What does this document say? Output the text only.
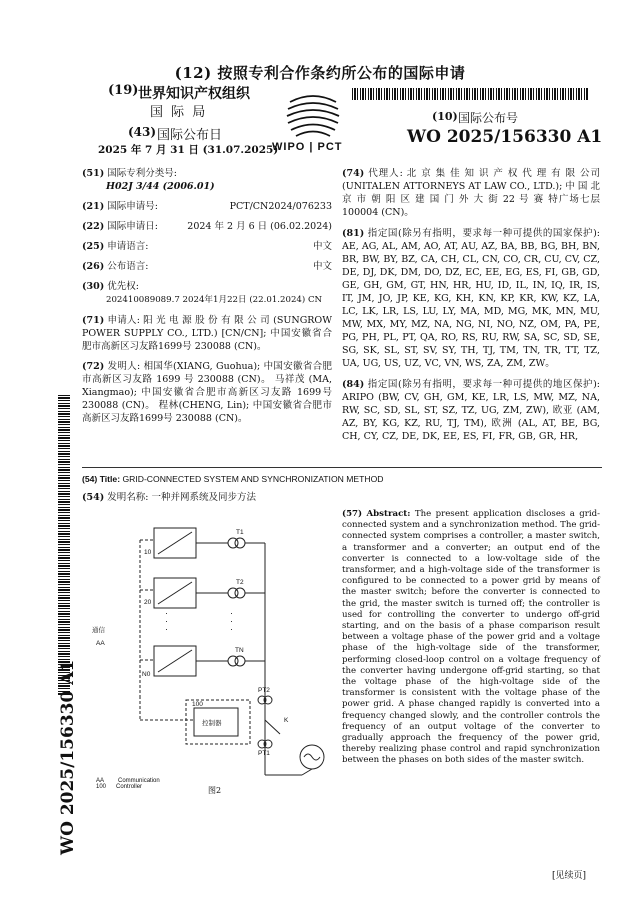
(12) 按照专利合作条约所公布的国际申请
(19) 世界知识产权组织
国 际 局
(43) 国际公布日
2025 年 7 月 31 日 (31.07.2025)
WIPO | PCT
(10) 国际公布号
WO 2025/156330 A1
WO 2025/156330 A1
(51) 国际专利分类号:
H02J 3/44 (2006.01)
(21) 国际申请号:	PCT/CN2024/076233
(22) 国际申请日:	2024 年 2 月 6 日 (06.02.2024)
(25) 申请语言:	中文
(26) 公布语言:	中文
(30) 优先权:
202410089089.7 2024年1月22日 (22.01.2024) CN
(71) 申请人: 阳 光 电 源 股 份 有 限 公 司 (SUNGROW POWER SUPPLY CO., LTD.) [CN/CN]; 中国安徽省合肥市高新区习友路1699号 230088 (CN)。
(72) 发明人: 相国华(XIANG, Guohua); 中国安徽省合肥市高新区习友路 1699 号 230088 (CN)。 马祥茂 (MA, Xiangmao); 中国安徽省合肥市高新区习友路 1699号 230088 (CN)。 程林(CHENG, Lin); 中国安徽省合肥市高新区习友路1699号 230088 (CN)。
(74) 代理人: 北 京 集 佳 知 识 产 权 代 理 有 限 公司(UNITALEN ATTORNEYS AT LAW CO., LTD.); 中 国 北 京 市 朝 阳 区 建 国 门 外 大 街 22 号 赛 特广场七层 100004 (CN)。
(81) 指定国(除另有指明，要求每一种可提供的国家保护): AE, AG, AL, AM, AO, AT, AU, AZ, BA, BB, BG, BH, BN, BR, BW, BY, BZ, CA, CH, CL, CN, CO, CR, CU, CV, CZ, DE, DJ, DK, DM, DO, DZ, EC, EE, EG, ES, FI, GB, GD, GE, GH, GM, GT, HN, HR, HU, ID, IL, IN, IQ, IR, IS, IT, JM, JO, JP, KE, KG, KH, KN, KP, KR, KW, KZ, LA, LC, LK, LR, LS, LU, LY, MA, MD, MG, MK, MN, MU, MW, MX, MY, MZ, NA, NG, NI, NO, NZ, OM, PA, PE, PG, PH, PL, PT, QA, RO, RS, RU, RW, SA, SC, SD, SE, SG, SK, SL, ST, SV, SY, TH, TJ, TM, TN, TR, TT, TZ, UA, UG, US, UZ, VC, VN, WS, ZA, ZM, ZW。
(84) 指定国(除另有指明，要求每一种可提供的地区保护): ARIPO (BW, CV, GH, GM, KE, LR, LS, MW, MZ, NA, RW, SC, SD, SL, ST, SZ, TZ, UG, ZM, ZW), 欧亚 (AM, AZ, BY, KG, KZ, RU, TJ, TM), 欧洲 (AL, AT, BE, BG, CH, CY, CZ, DE, DK, EE, ES, FI, FR, GB, GR, HR,
(54) Title: GRID-CONNECTED SYSTEM AND SYNCHRONIZATION METHOD
(54) 发明名称: 一种并网系统及同步方法
(57) Abstract: The present application discloses a grid-connected system and a synchronization method. The grid-connected system comprises a controller, a master switch, a transformer and a converter; an output end of the converter is connected to a low-voltage side of the transformer, and a high-voltage side of the transformer is configured to be connected to a power grid by means of the master switch; before the converter is connected to the grid, the master switch is turned off; the controller is used for controlling the converter to undergo off-grid starting, and on the basis of a phase comparison result between a voltage phase of the power grid and a voltage phase of the high-voltage side of the transformer, performing closed-loop control on a voltage frequency of the converter having undergone off-grid starting, so that the voltage phase of the high-voltage side of the transformer is consistent with the voltage phase of the power grid. A phase changed rapidly is converted into a frequency changed slowly, and the controller controls the frequency of an output voltage of the converter to gradually approach the frequency of the power grid, thereby realizing phase control and rapid synchronization between the phases on both sides of the master switch.
10
20
N0
T1
T2
TN
PT2
PT1
控制器
100
K
通信
AA
·
·
·
·
·
·
AA Communication
100 Controller	图2
[见续页]
